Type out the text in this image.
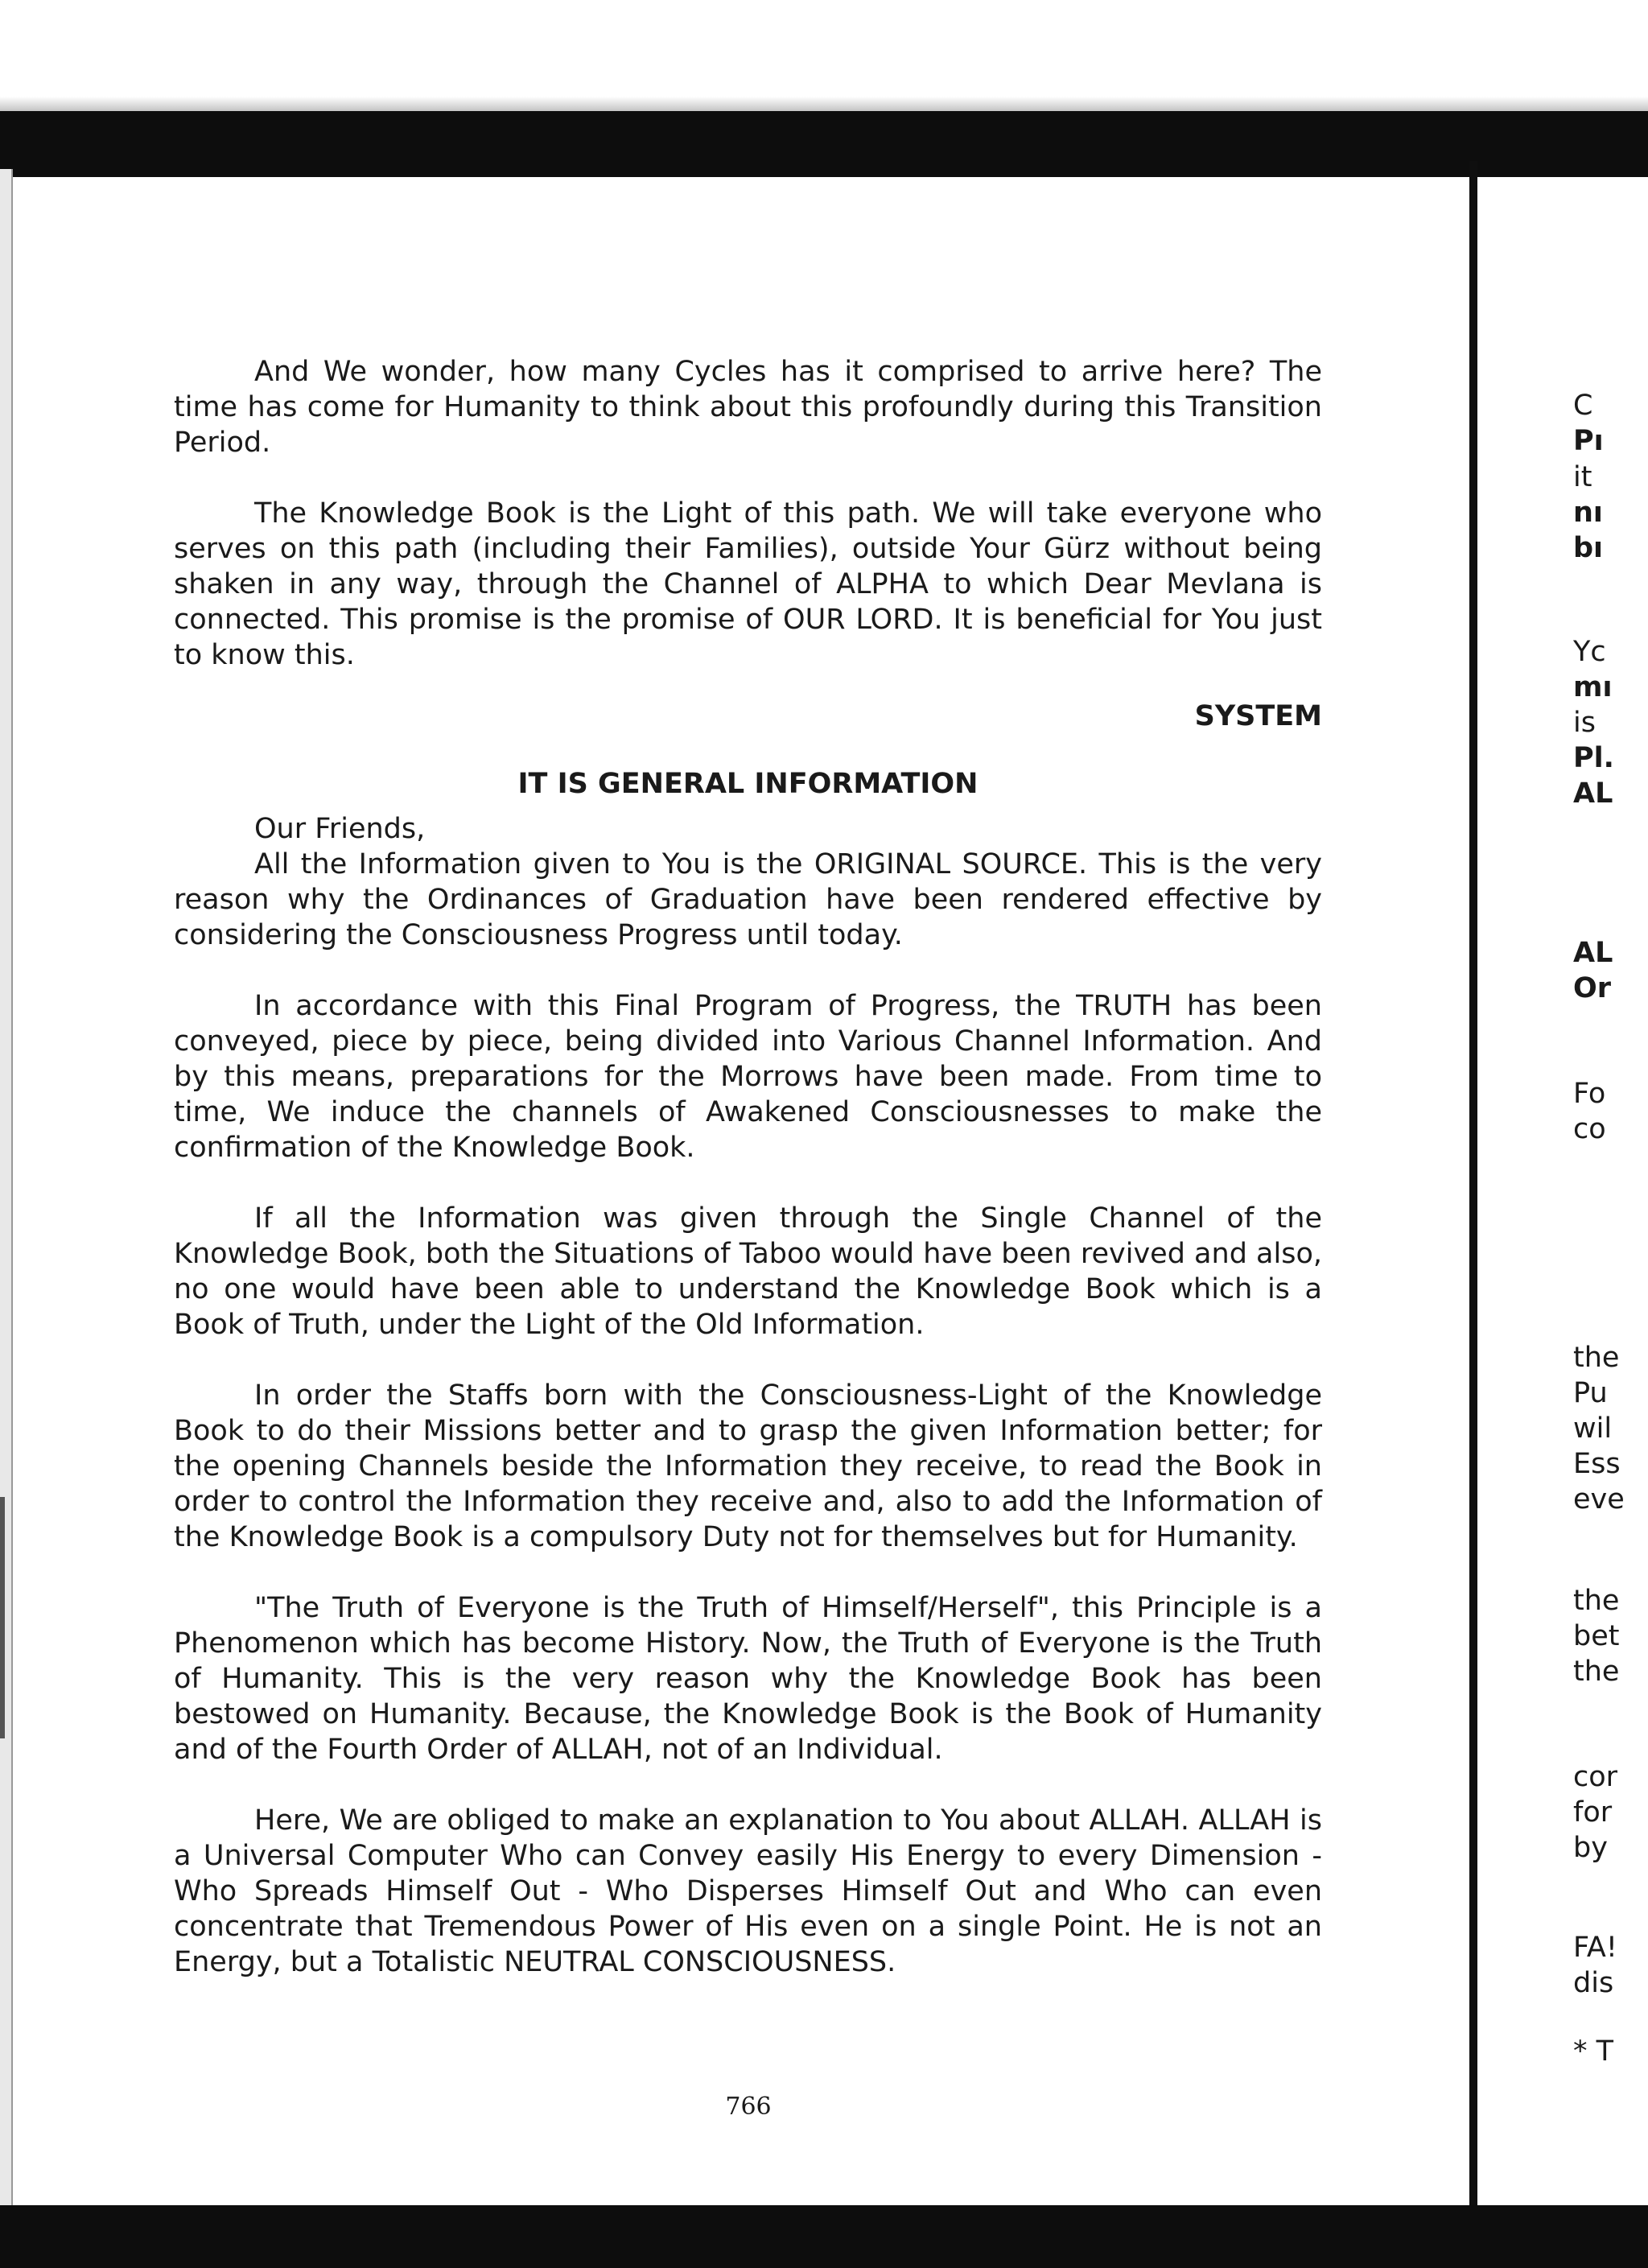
And We wonder, how many Cycles has it comprised to arrive here? The time has come for Humanity to think about this profoundly during this Transition Period.

The Knowledge Book is the Light of this path. We will take everyone who serves on this path (including their Families), outside Your Gürz without being shaken in any way, through the Channel of ALPHA to which Dear Mevlana is connected. This promise is the promise of OUR LORD. It is beneficial for You just to know this.

SYSTEM

IT IS GENERAL INFORMATION

Our Friends,

All the Information given to You is the ORIGINAL SOURCE. This is the very reason why the Ordinances of Graduation have been rendered effective by considering the Consciousness Progress until today.

In accordance with this Final Program of Progress, the TRUTH has been conveyed, piece by piece, being divided into Various Channel Information. And by this means, preparations for the Morrows have been made. From time to time, We induce the channels of Awakened Consciousnesses to make the confirmation of the Knowledge Book.

If all the Information was given through the Single Channel of the Knowledge Book, both the Situations of Taboo would have been revived and also, no one would have been able to understand the Knowledge Book which is a Book of Truth, under the Light of the Old Information.

In order the Staffs born with the Consciousness-Light of the Knowledge Book to do their Missions better and to grasp the given Information better; for the opening Channels beside the Information they receive, to read the Book in order to control the Information they receive and, also to add the Information of the Knowledge Book is a compulsory Duty not for themselves but for Humanity.

"The Truth of Everyone is the Truth of Himself/Herself", this Principle is a Phenomenon which has become History. Now, the Truth of Everyone is the Truth of Humanity. This is the very reason why the Knowledge Book has been bestowed on Humanity. Because, the Knowledge Book is the Book of Humanity and of the Fourth Order of ALLAH, not of an Individual.

Here, We are obliged to make an explanation to You about ALLAH. ALLAH is a Universal Computer Who can Convey easily His Energy to every Dimension - Who Spreads Himself Out - Who Disperses Himself Out and Who can even concentrate that Tremendous Power of His even on a single Point. He is not an Energy, but a Totalistic NEUTRAL CONSCIOUSNESS.

766
C
Pı
it
nı
bı
Yc
mı
is
Pl.
AL
AL
Or
Fo
co
the
Pu
wil
Ess
eve
the
bet
the
cor
for
by
FA!
dis
* T
